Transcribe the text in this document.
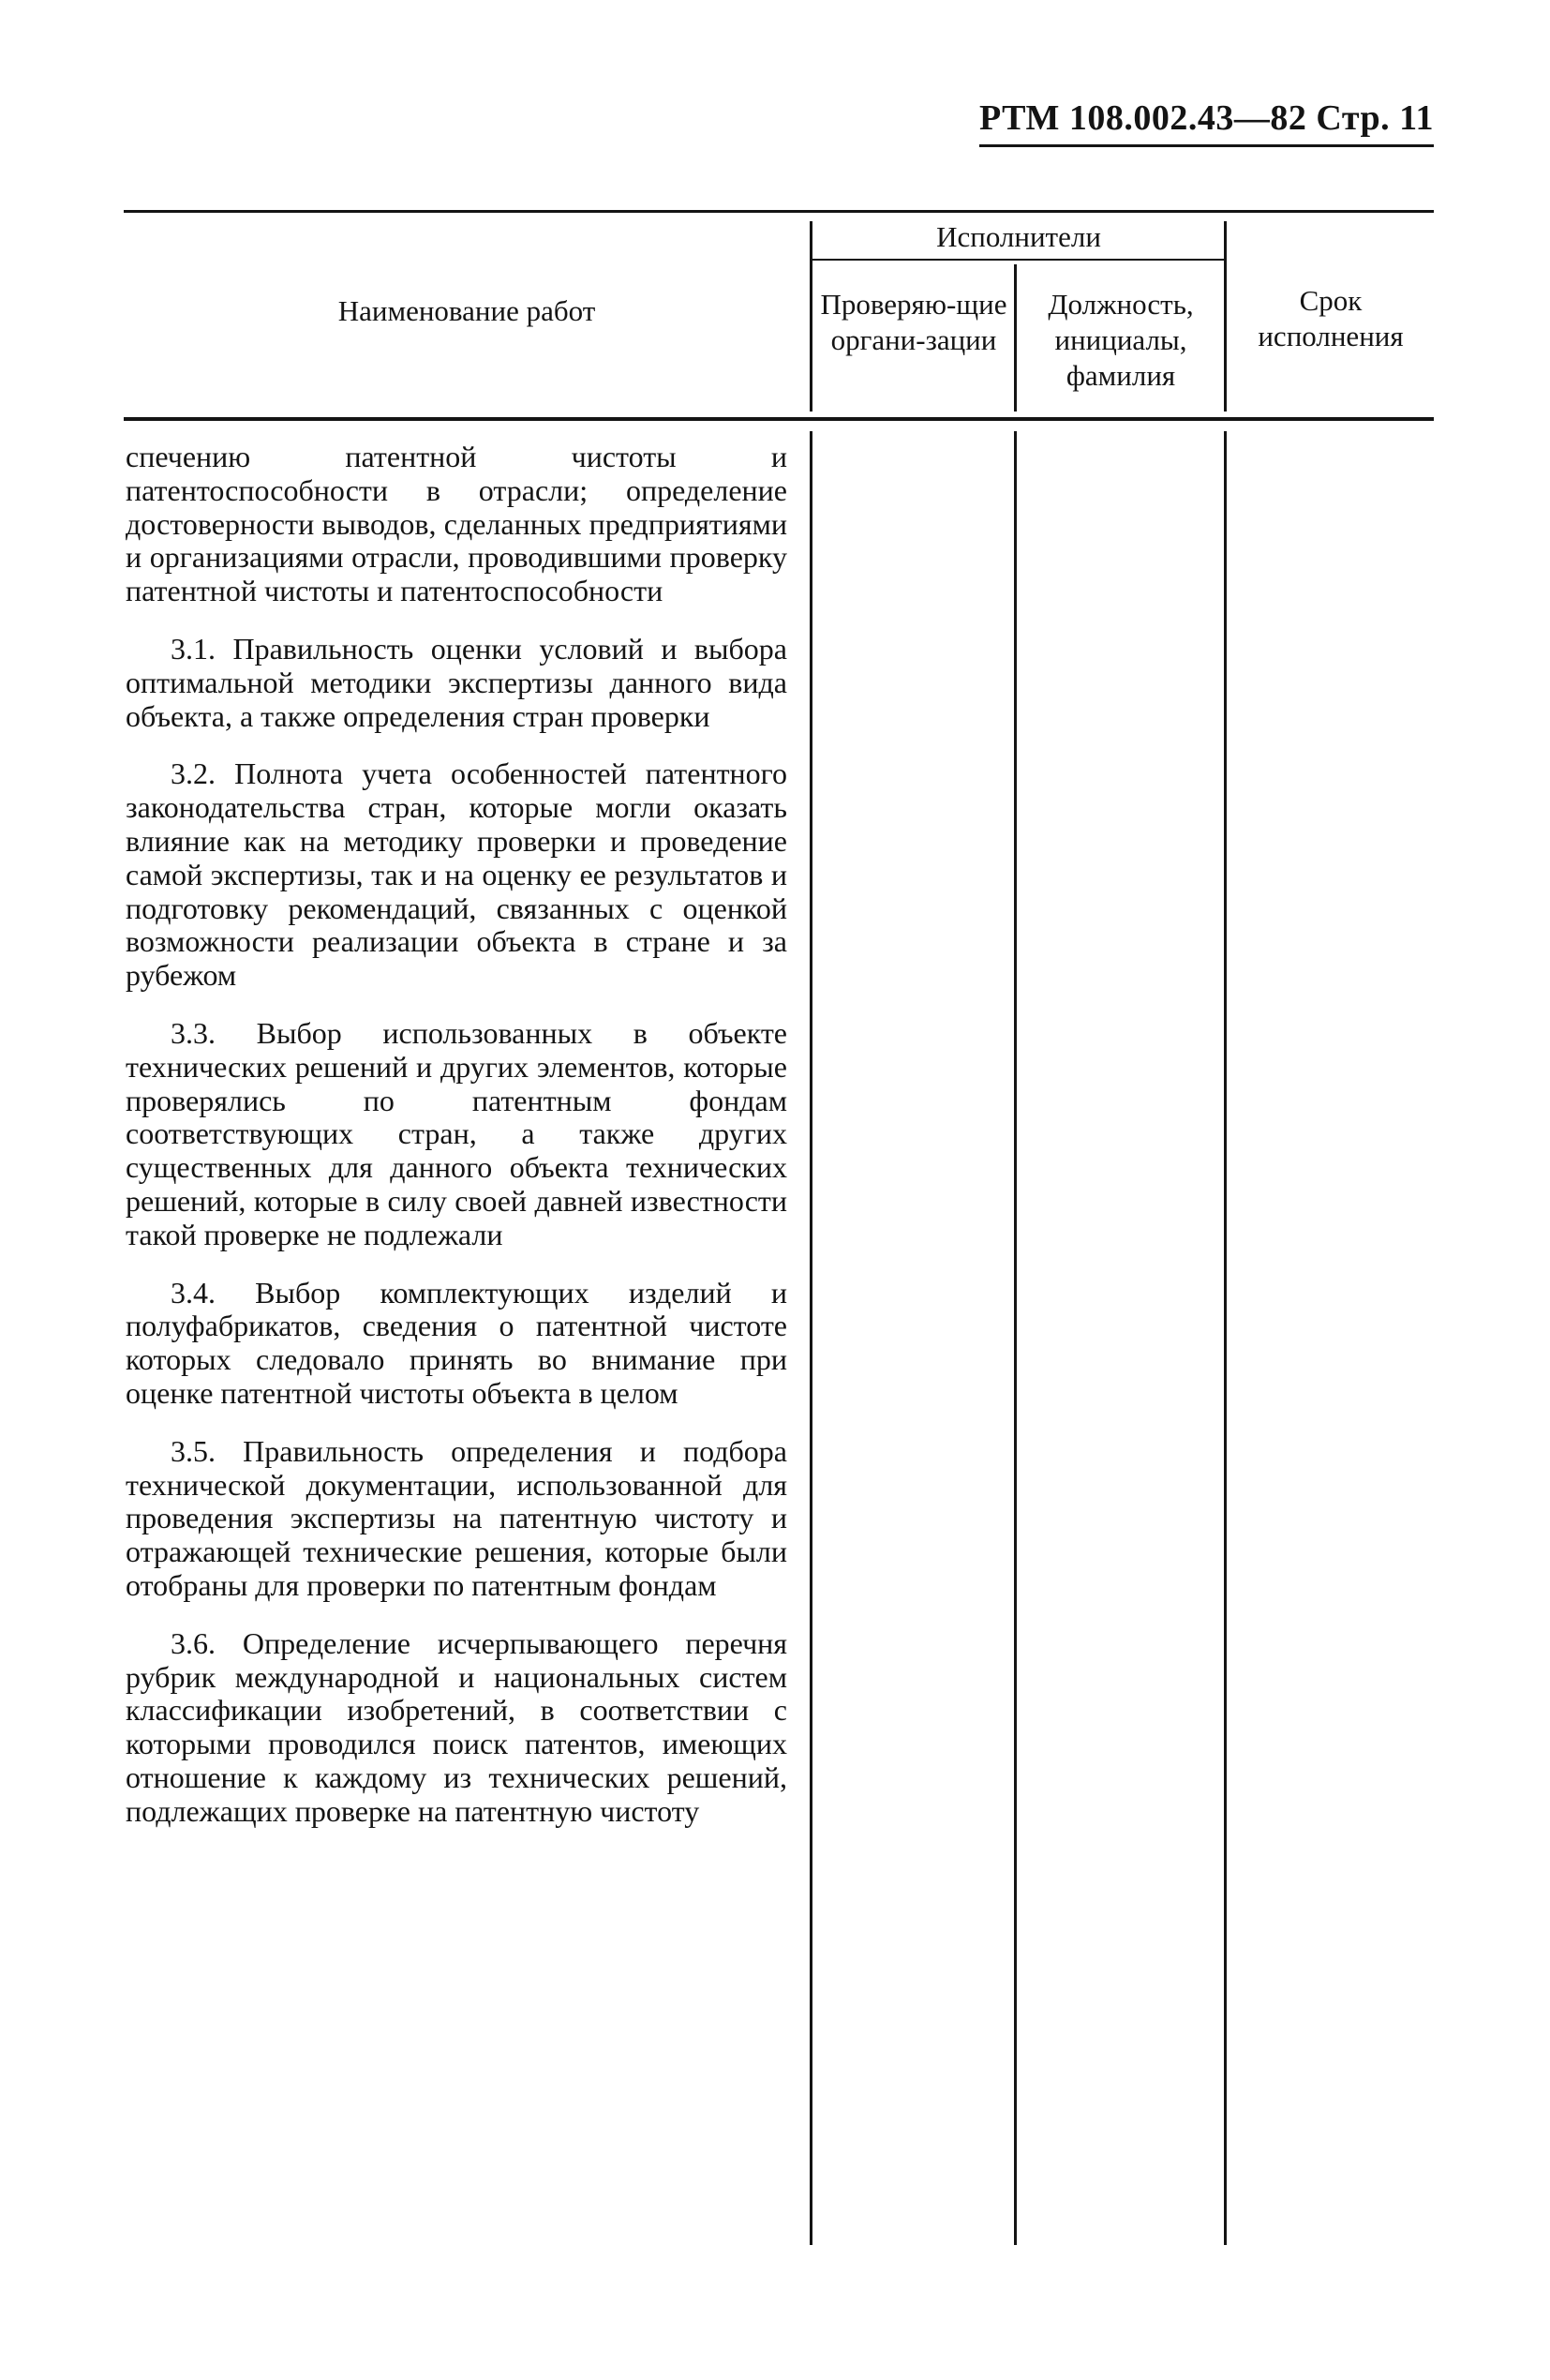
РТМ 108.002.43—82 Стр. 11
Наименование работ
Исполнители
Проверяю-щие органи-зации
Должность, инициалы, фамилия
Срок исполнения

спечению патентной чистоты и патентоспособности в отрасли; определение достоверности выводов, сделанных предприятиями и организациями отрасли, проводившими проверку патентной чистоты и патентоспособности

3.1. Правильность оценки условий и выбора оптимальной методики экспертизы данного вида объекта, а также определения стран проверки

3.2. Полнота учета особенностей патентного законодательства стран, которые могли оказать влияние как на методику проверки и проведение самой экспертизы, так и на оценку ее результатов и подготовку рекомендаций, связанных с оценкой возможности реализации объекта в стране и за рубежом

3.3. Выбор использованных в объекте технических решений и других элементов, которые проверялись по патентным фондам соответствующих стран, а также других существенных для данного объекта технических решений, которые в силу своей давней известности такой проверке не подлежали

3.4. Выбор комплектующих изделий и полуфабрикатов, сведения о патентной чистоте которых следовало принять во внимание при оценке патентной чистоты объекта в целом

3.5. Правильность определения и подбора технической документации, использованной для проведения экспертизы на патентную чистоту и отражающей технические решения, которые были отобраны для проверки по патентным фондам

3.6. Определение исчерпывающего перечня рубрик международной и национальных систем классификации изобретений, в соответствии с которыми проводился поиск патентов, имеющих отношение к каждому из технических решений, подлежащих проверке на патентную чистоту
